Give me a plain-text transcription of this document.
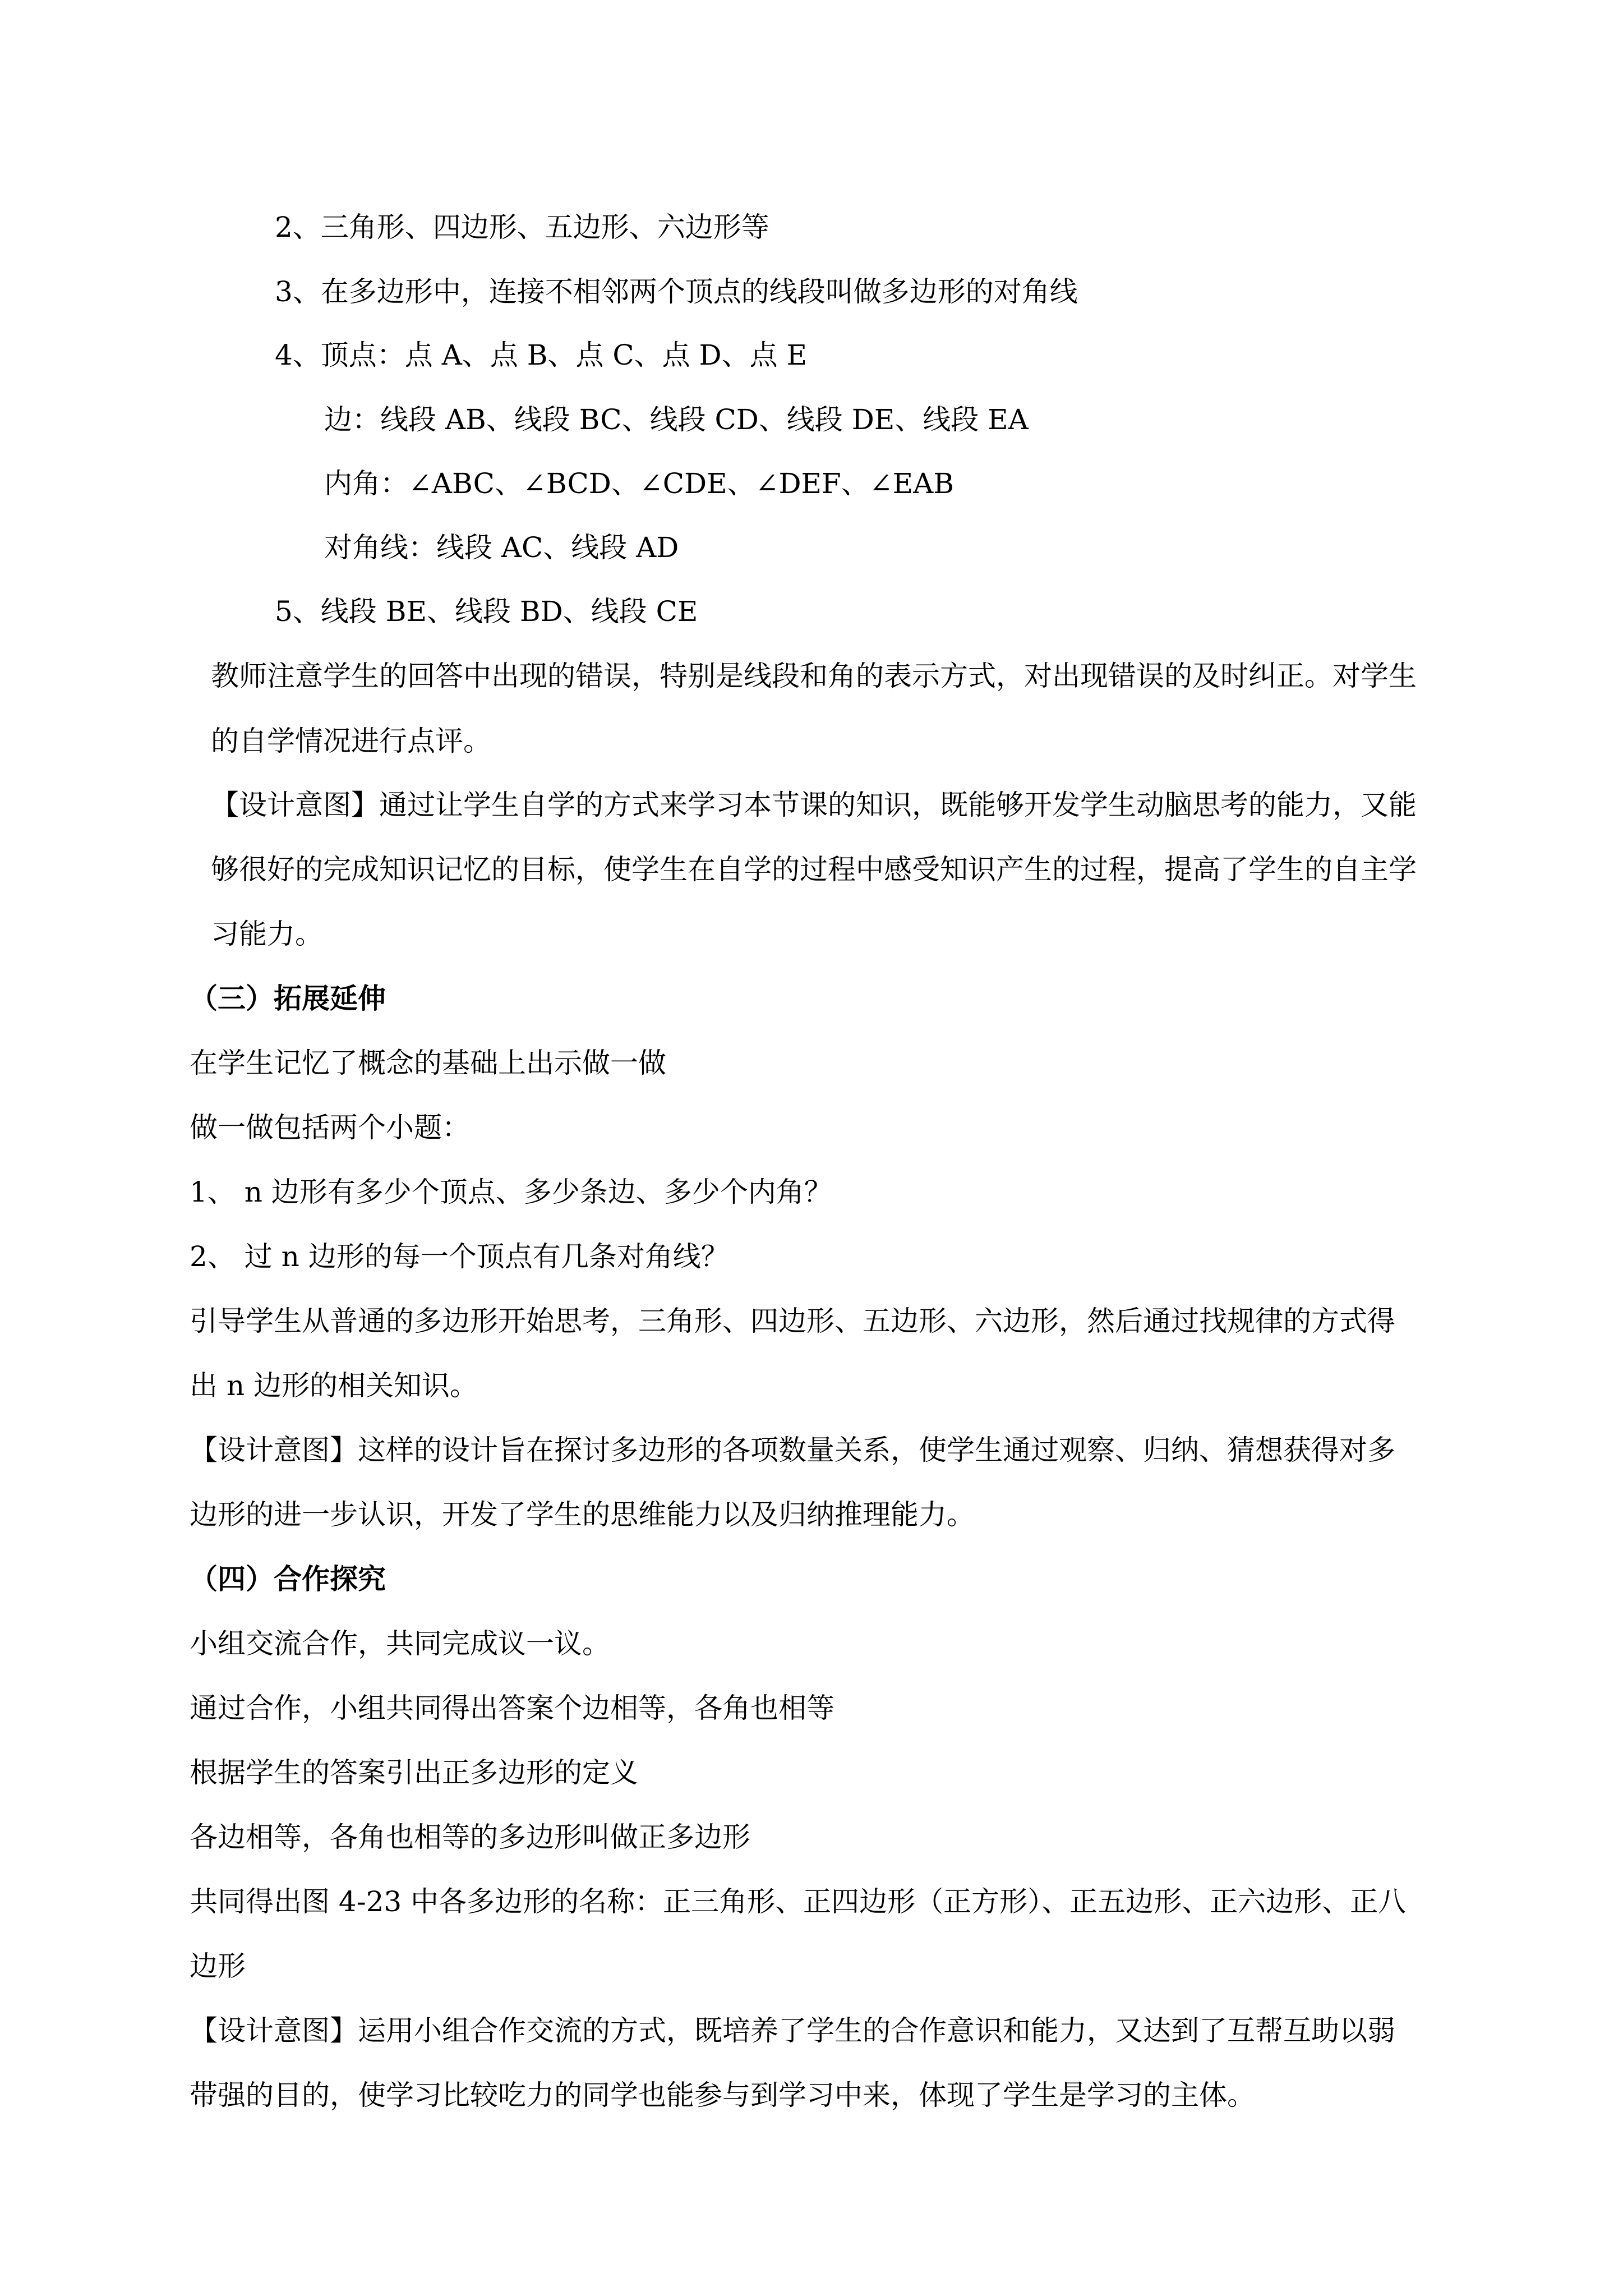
2、三角形、四边形、五边形、六边形等
3、在多边形中，连接不相邻两个顶点的线段叫做多边形的对角线
4、顶点：点 A、点 B、点 C、点 D、点 E
边：线段 AB、线段 BC、线段 CD、线段 DE、线段 EA
内角：∠ABC、∠BCD、∠CDE、∠DEF、∠EAB
对角线：线段 AC、线段 AD
5、线段 BE、线段 BD、线段 CE
教师注意学生的回答中出现的错误，特别是线段和角的表示方式，对出现错误的及时纠正。对学生
的自学情况进行点评。
【设计意图】通过让学生自学的方式来学习本节课的知识，既能够开发学生动脑思考的能力，又能
够很好的完成知识记忆的目标，使学生在自学的过程中感受知识产生的过程，提高了学生的自主学
习能力。
（三）拓展延伸
在学生记忆了概念的基础上出示做一做
做一做包括两个小题：
1、 n 边形有多少个顶点、多少条边、多少个内角？
2、 过 n 边形的每一个顶点有几条对角线？
引导学生从普通的多边形开始思考，三角形、四边形、五边形、六边形，然后通过找规律的方式得
出 n 边形的相关知识。
【设计意图】这样的设计旨在探讨多边形的各项数量关系，使学生通过观察、归纳、猜想获得对多
边形的进一步认识，开发了学生的思维能力以及归纳推理能力。
（四）合作探究
小组交流合作，共同完成议一议。
通过合作，小组共同得出答案个边相等，各角也相等
根据学生的答案引出正多边形的定义
各边相等，各角也相等的多边形叫做正多边形
共同得出图 4-23 中各多边形的名称：正三角形、正四边形（正方形）、正五边形、正六边形、正八
边形
【设计意图】运用小组合作交流的方式，既培养了学生的合作意识和能力，又达到了互帮互助以弱
带强的目的，使学习比较吃力的同学也能参与到学习中来，体现了学生是学习的主体。
